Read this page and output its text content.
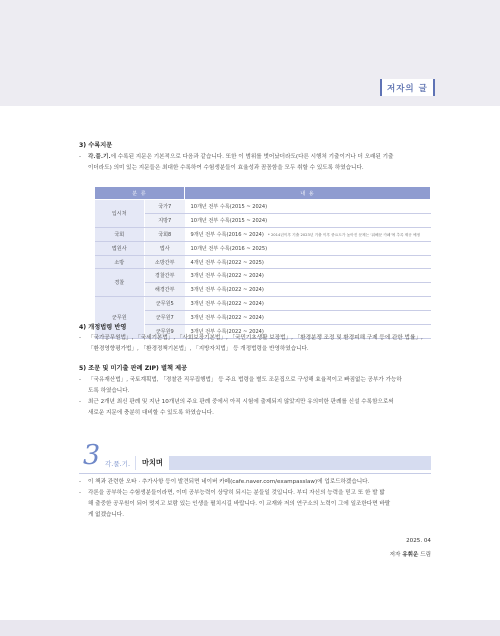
저자의 글
3) 수록지문
- 각.풀.기.에 수록된 지문은 기본적으로 다음과 같습니다. 또한 이 범위를 벗어났더라도(다른 시행처 기출이거나 더 오래된 기출
이더라도) 의미 있는 지문들은 최대한 수록하여 수험생분들이 효율성과 꼼꼼함을 모두 취할 수 있도록 하였습니다.
분 류		내 용
입시처	국가7	10개년 전부 수록(2015 ~ 2024)
	지방7	10개년 전부 수록(2015 ~ 2024)
국회	국회8	9개년 전부 수록(2016 ~ 2024) * 2014년이후 기출 2023년 기출 이후 중요도가 높아진 문제는 ‘위해문 카페’에 추록 제공 예정
법원사	법사	10개년 전부 수록(2016 ~ 2025)
소방	소방간부	4개년 전부 수록(2022 ~ 2025)
경찰	경찰간부	3개년 전부 수록(2022 ~ 2024)
	해경간부	3개년 전부 수록(2022 ~ 2024)
군무원	군무원5	3개년 전부 수록(2022 ~ 2024)
	군무원7	3개년 전부 수록(2022 ~ 2024)
	군무원9	3개년 전부 수록(2022 ~ 2024)
4) 개정법령 반영
- 「국가공무원법」, 「국세기본법」, 「사회보장기본법」, 「국민기초생활 보장법」, 「환경분쟁 조정 및 환경피해 구제 등에 관한 법률」,
「환경영향평가법」, 「환경정책기본법」, 「지방자치법」 등 개정법령을 반영하였습니다.
5) 조문 및 미기출 판례 ZIP) 별책 제공
- 「국유재산법」, 국토계획법, 「경찰관 직무집행법」 등 주요 법령을 별도 조문집으로 구성해 효율적이고 빠짐없는 공부가 가능하
도록 하였습니다.
- 최근 2개년 최신 판례 및 지난 10개년의 주요 판례 중에서 아직 시험에 출제되지 않았지만 유의미한 판례를 신설 수록함으로써
새로운 지문에 충분히 대비할 수 있도록 하였습니다.
마치며
3 각.풀.기.
- 이 책과 관련한 오타 · 추가사항 등이 발견되면 네이버 카페(cafe.naver.com/exampasslaw)에 업로드하겠습니다.
- 각론을 공부하는 수험생분들이라면, 이미 공부능력이 상당히 되시는 분들일 것입니다. 부디 자신의 능력을 믿고 또 한 발 밟
해 출중한 공무원이 되어 멋지고 보람 있는 인생을 펼치시길 바랍니다. 이 교재와 저의 연구소의 노력이 그에 일조한다면 바랄
게 없겠습니다.
2025. 04
저자 유휘운 드림
